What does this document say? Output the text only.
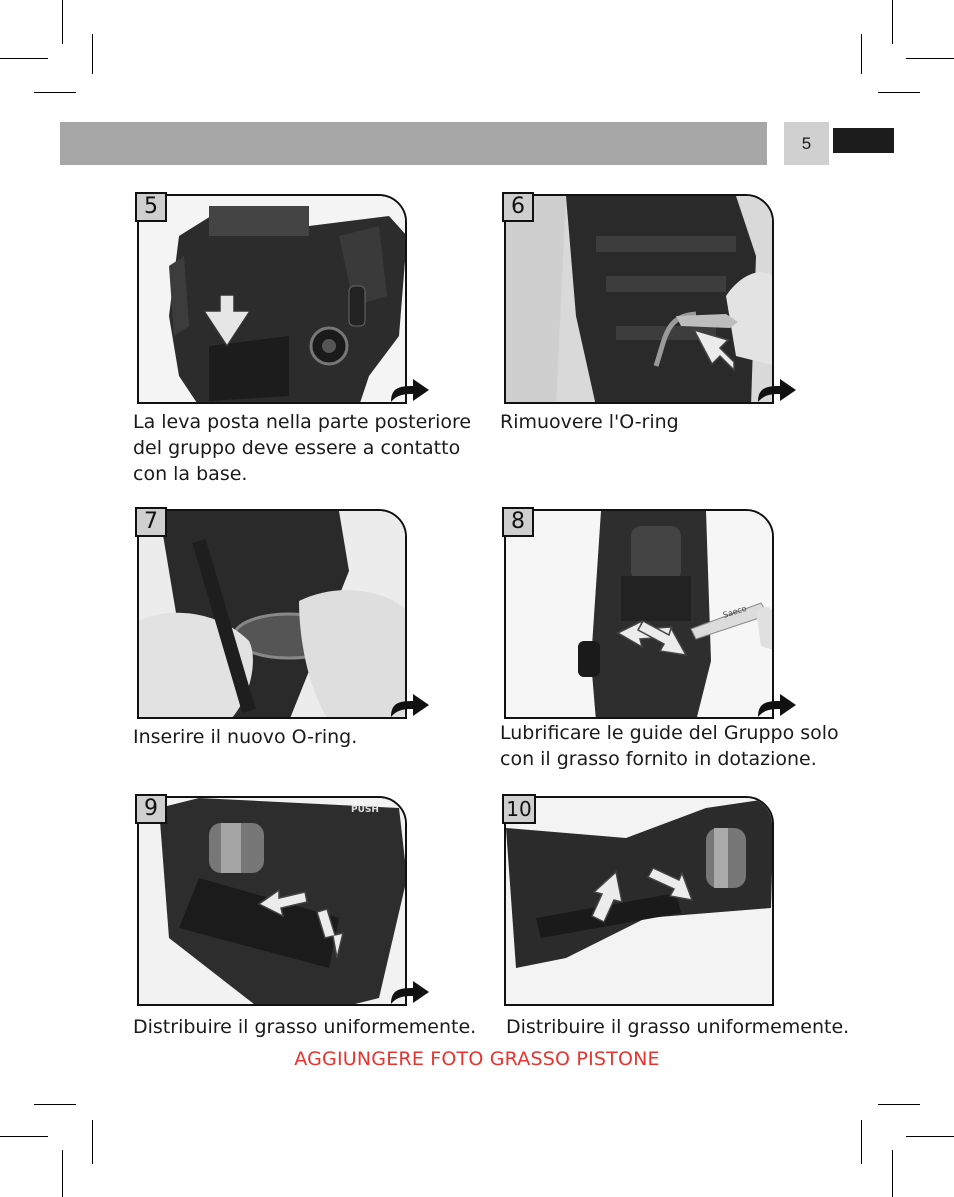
5
5
La leva posta nella parte posteriore del gruppo deve essere a contatto con la base.
6
Rimuovere l'O-ring
7
Inserire il nuovo O-ring.
Saeco
8
Lubrificare le guide del Gruppo solo con il grasso fornito in dotazione.
PUSH
9
Distribuire il grasso uniformemente.
10
Distribuire il grasso uniformemente.
AGGIUNGERE FOTO GRASSO PISTONE
